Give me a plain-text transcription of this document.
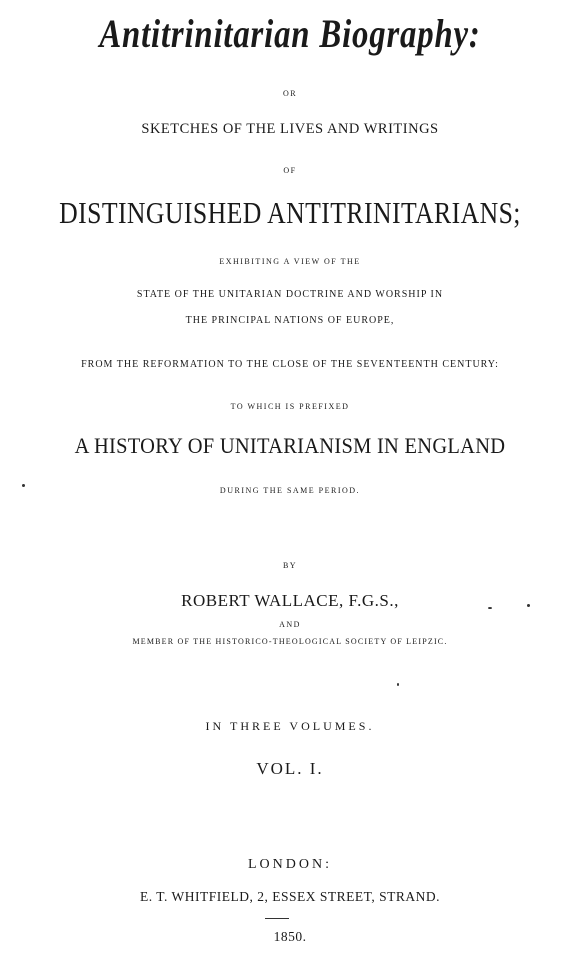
Antitrinitarian Biography:
OR
SKETCHES OF THE LIVES AND WRITINGS
OF
DISTINGUISHED ANTITRINITARIANS;
EXHIBITING A VIEW OF THE
STATE OF THE UNITARIAN DOCTRINE AND WORSHIP IN
THE PRINCIPAL NATIONS OF EUROPE,
FROM THE REFORMATION TO THE CLOSE OF THE SEVENTEENTH CENTURY:
TO WHICH IS PREFIXED
A HISTORY OF UNITARIANISM IN ENGLAND
DURING THE SAME PERIOD.
BY
ROBERT WALLACE, F.G.S.,
AND
MEMBER OF THE HISTORICO-THEOLOGICAL SOCIETY OF LEIPZIC.
IN THREE VOLUMES.
VOL. I.
LONDON:
E. T. WHITFIELD, 2, ESSEX STREET, STRAND.
1850.
